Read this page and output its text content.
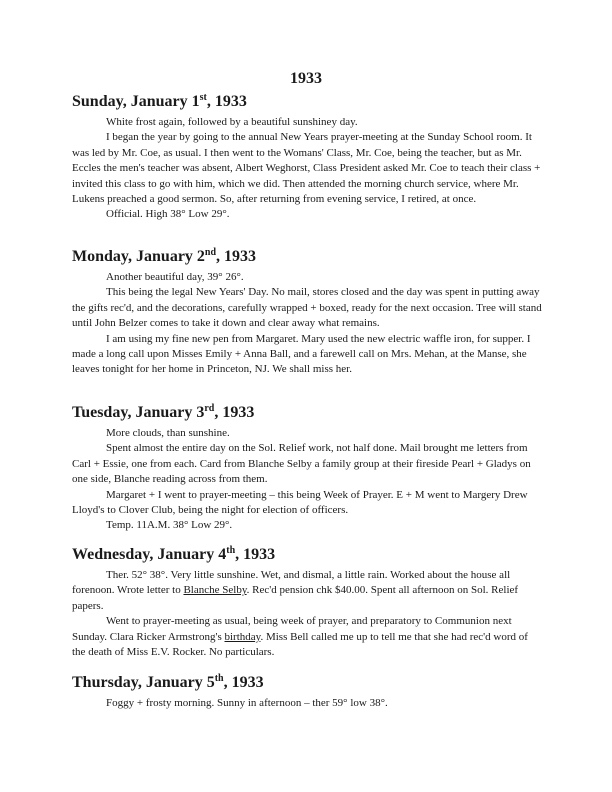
1933
Sunday, January 1st, 1933

White frost again, followed by a beautiful sunshiney day.

I began the year by going to the annual New Years prayer-meeting at the Sunday School room. It was led by Mr. Coe, as usual. I then went to the Womans' Class, Mr. Coe, being the teacher, but as Mr. Eccles the men's teacher was absent, Albert Weghorst, Class President asked Mr. Coe to teach their class + invited this class to go with him, which we did. Then attended the morning church service, where Mr. Lukens preached a good sermon. So, after returning from evening service, I retired, at once.

Official. High 38° Low 29°.

Monday, January 2nd, 1933

Another beautiful day, 39° 26°.

This being the legal New Years' Day. No mail, stores closed and the day was spent in putting away the gifts rec'd, and the decorations, carefully wrapped + boxed, ready for the next occasion. Tree will stand until John Belzer comes to take it down and clear away what remains.

I am using my fine new pen from Margaret. Mary used the new electric waffle iron, for supper. I made a long call upon Misses Emily + Anna Ball, and a farewell call on Mrs. Mehan, at the Manse, she leaves tonight for her home in Princeton, NJ. We shall miss her.

Tuesday, January 3rd, 1933

More clouds, than sunshine.

Spent almost the entire day on the Sol. Relief work, not half done. Mail brought me letters from Carl + Essie, one from each. Card from Blanche Selby a family group at their fireside Pearl + Gladys on one side, Blanche reading across from them.

Margaret + I went to prayer-meeting – this being Week of Prayer. E + M went to Margery Drew Lloyd's to Clover Club, being the night for election of officers.

Temp. 11A.M. 38° Low 29°.

Wednesday, January 4th, 1933

Ther. 52° 38°. Very little sunshine. Wet, and dismal, a little rain. Worked about the house all forenoon. Wrote letter to Blanche Selby. Rec'd pension chk $40.00. Spent all afternoon on Sol. Relief papers.

Went to prayer-meeting as usual, being week of prayer, and preparatory to Communion next Sunday. Clara Ricker Armstrong's birthday. Miss Bell called me up to tell me that she had rec'd word of the death of Miss E.V. Rocker. No particulars.

Thursday, January 5th, 1933

Foggy + frosty morning. Sunny in afternoon – ther 59° low 38°.
